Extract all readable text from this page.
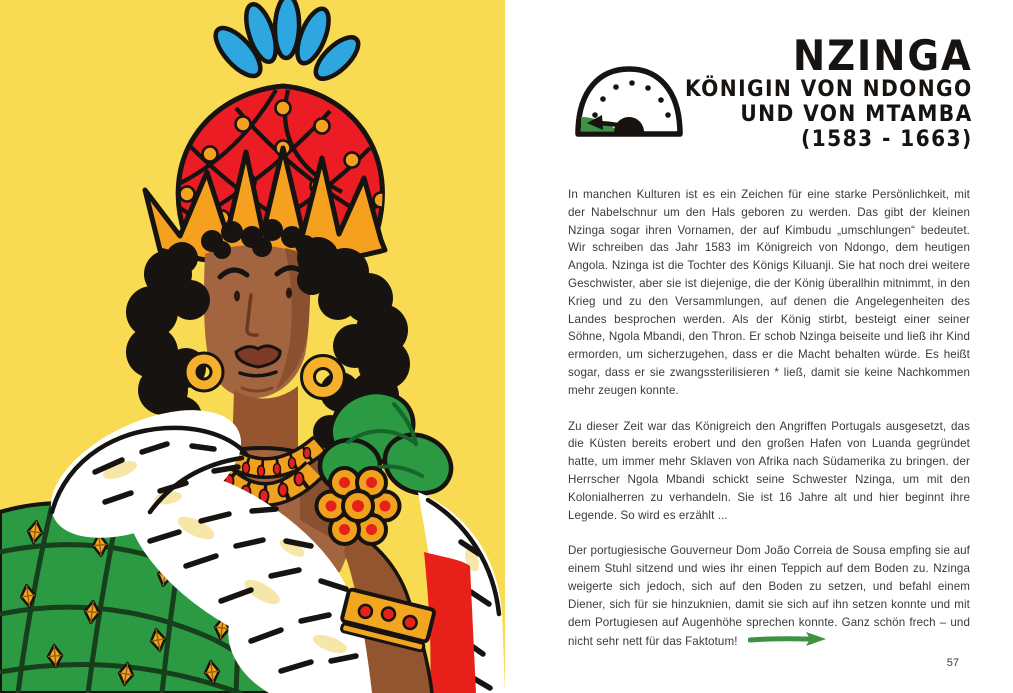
NZINGA
KÖNIGIN VON NDONGO
UND VON MTAMBA
(1583 - 1663)

In manchen Kulturen ist es ein Zeichen für eine starke Persönlichkeit, mit der Nabelschnur um den Hals geboren zu werden. Das gibt der kleinen Nzinga sogar ihren Vornamen, der auf Kimbudu „umschlungen“ bedeutet. Wir schreiben das Jahr 1583 im Königreich von Ndongo, dem heutigen Angola. Nzinga ist die Tochter des Königs Kiluanji. Sie hat noch drei weitere Geschwister, aber sie ist diejenige, die der König überallhin mitnimmt, in den Krieg und zu den Versammlungen, auf denen die Angelegenheiten des Landes besprochen werden. Als der König stirbt, besteigt einer seiner Söhne, Ngola Mbandi, den Thron. Er schob Nzinga beiseite und ließ ihr Kind ermorden, um sicherzugehen, dass er die Macht behalten würde. Es heißt sogar, dass er sie zwangssterilisieren * ließ, damit sie keine Nachkommen mehr zeugen konnte.

Zu dieser Zeit war das Königreich den Angriffen Portugals ausgesetzt, das die Küsten bereits erobert und den großen Hafen von Luanda gegründet hatte, um immer mehr Sklaven von Afrika nach Südamerika zu bringen. der Herrscher Ngola Mbandi schickt seine Schwester Nzinga, um mit den Kolonialherren zu verhandeln. Sie ist 16 Jahre alt und hier beginnt ihre Legende. So wird es erzählt ...

Der portugiesische Gouverneur Dom João Correia de Sousa empfing sie auf einem Stuhl sitzend und wies ihr einen Teppich auf dem Boden zu. Nzinga weigerte sich jedoch, sich auf den Boden zu setzen, und befahl einem Diener, sich für sie hinzuknien, damit sie sich auf ihn setzen konnte und mit dem Portugiesen auf Augenhöhe sprechen konnte. Ganz schön frech – und nicht sehr nett für das Faktotum!

57
